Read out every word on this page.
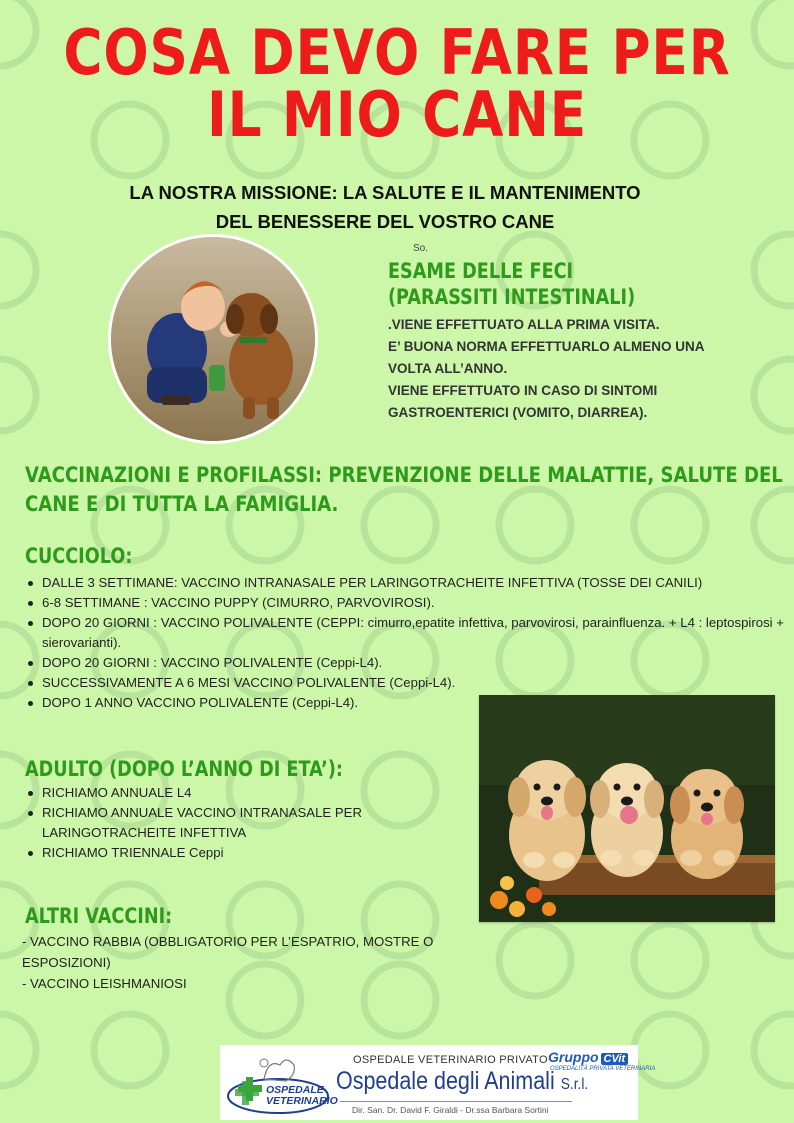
COSA DEVO FARE PER
IL MIO CANE
LA NOSTRA MISSIONE: LA SALUTE E IL MANTENIMENTO
DEL BENESSERE DEL VOSTRO CANE
So.
ESAME DELLE FECI
(PARASSITI INTESTINALI)
.VIENE EFFETTUATO ALLA PRIMA VISITA.
E’ BUONA NORMA EFFETTUARLO ALMENO UNA
VOLTA ALL’ANNO.
VIENE EFFETTUATO IN CASO DI SINTOMI
GASTROENTERICI (VOMITO, DIARREA).
VACCINAZIONI E PROFILASSI: PREVENZIONE DELLE MALATTIE, SALUTE DEL
CANE E DI TUTTA LA FAMIGLIA.
CUCCIOLO:
DALLE 3 SETTIMANE: VACCINO INTRANASALE PER LARINGOTRACHEITE INFETTIVA (TOSSE DEI CANILI)
6-8 SETTIMANE : VACCINO PUPPY (CIMURRO, PARVOVIROSI).
DOPO 20 GIORNI : VACCINO POLIVALENTE (CEPPI: cimurro,epatite infettiva, parvovirosi, parainfluenza. + L4 : leptospirosi + sierovarianti).
DOPO 20 GIORNI : VACCINO POLIVALENTE (Ceppi-L4).
SUCCESSIVAMENTE A 6 MESI VACCINO POLIVALENTE (Ceppi-L4).
DOPO 1 ANNO VACCINO POLIVALENTE (Ceppi-L4).
ADULTO (DOPO L’ANNO DI ETA’):
RICHIAMO ANNUALE L4
RICHIAMO ANNUALE VACCINO INTRANASALE PER LARINGOTRACHEITE INFETTIVA
RICHIAMO TRIENNALE Ceppi
ALTRI VACCINI:
- VACCINO RABBIA (OBBLIGATORIO PER L’ESPATRIO, MOSTRE O ESPOSIZIONI)
- VACCINO LEISHMANIOSI
OSPEDALE
VETERINARIO
OSPEDALE VETERINARIO PRIVATO
Ospedale degli Animali S.r.l.
Dir. San. Dr. David F. Giraldi - Dr.ssa Barbara Sortini
Gruppo CVit
OSPEDALITÀ PRIVATA VETERINARIA
